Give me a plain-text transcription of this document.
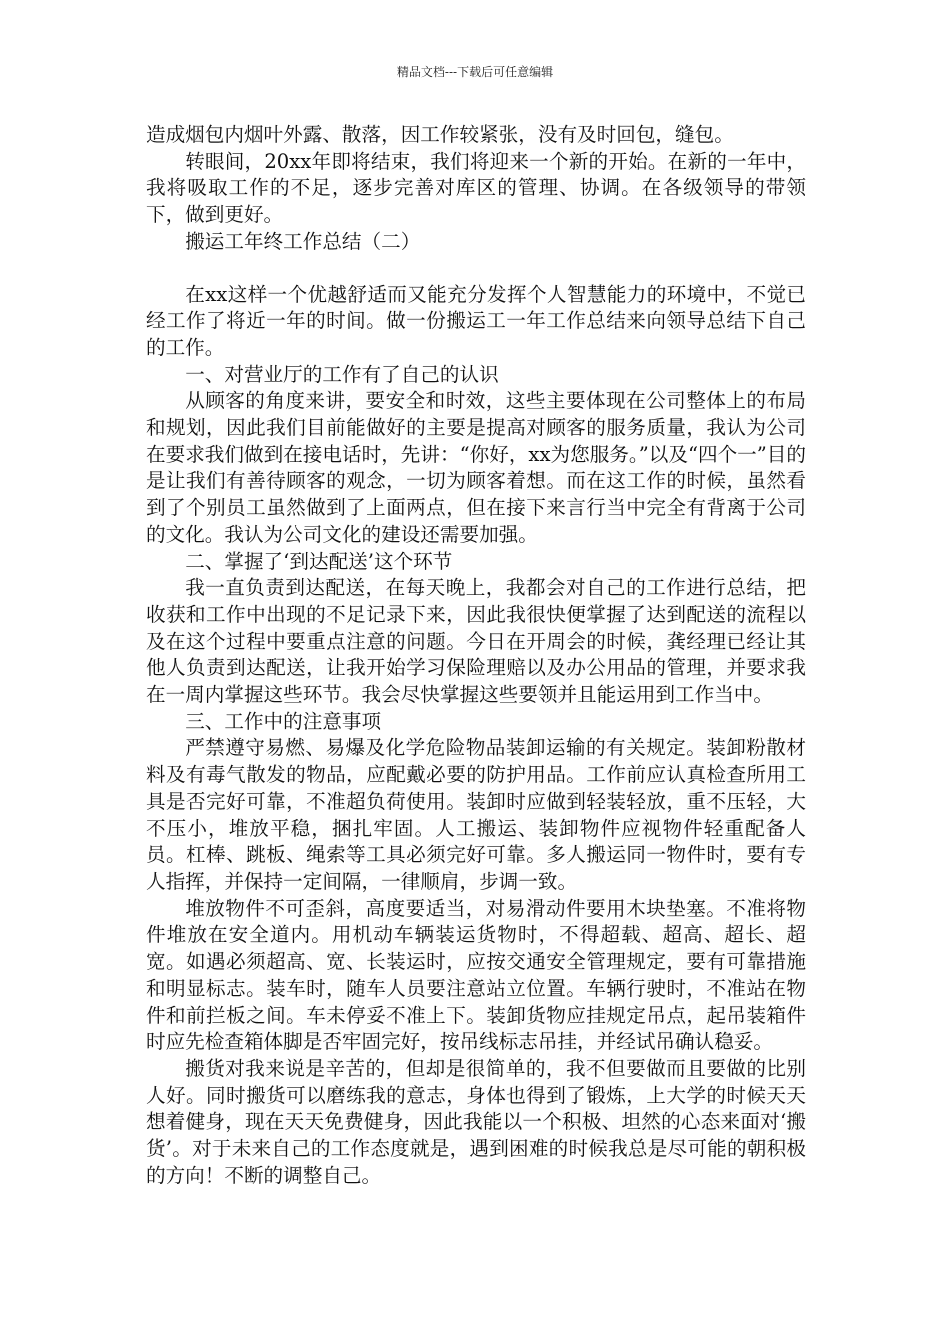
精品文档---下载后可任意编辑

造成烟包内烟叶外露、散落，因工作较紧张，没有及时回包，缝包。

转眼间，20xx年即将结束，我们将迎来一个新的开始。在新的一年中，我将吸取工作的不足，逐步完善对库区的管理、协调。在各级领导的带领下，做到更好。

搬运工年终工作总结（二）

在xx这样一个优越舒适而又能充分发挥个人智慧能力的环境中，不觉已经工作了将近一年的时间。做一份搬运工一年工作总结来向领导总结下自己的工作。

一、对营业厅的工作有了自己的认识

从顾客的角度来讲，要安全和时效，这些主要体现在公司整体上的布局和规划，因此我们目前能做好的主要是提高对顾客的服务质量，我认为公司在要求我们做到在接电话时，先讲：“你好，xx为您服务。”以及“四个一”目的是让我们有善待顾客的观念，一切为顾客着想。而在这工作的时候，虽然看到了个别员工虽然做到了上面两点，但在接下来言行当中完全有背离于公司的文化。我认为公司文化的建设还需要加强。

二、掌握了‘到达配送’这个环节

我一直负责到达配送，在每天晚上，我都会对自己的工作进行总结，把收获和工作中出现的不足记录下来，因此我很快便掌握了达到配送的流程以及在这个过程中要重点注意的问题。今日在开周会的时候，龚经理已经让其他人负责到达配送，让我开始学习保险理赔以及办公用品的管理，并要求我在一周内掌握这些环节。我会尽快掌握这些要领并且能运用到工作当中。

三、工作中的注意事项

严禁遵守易燃、易爆及化学危险物品装卸运输的有关规定。装卸粉散材料及有毒气散发的物品，应配戴必要的防护用品。工作前应认真检查所用工具是否完好可靠，不准超负荷使用。装卸时应做到轻装轻放，重不压轻，大不压小，堆放平稳，捆扎牢固。人工搬运、装卸物件应视物件轻重配备人员。杠棒、跳板、绳索等工具必须完好可靠。多人搬运同一物件时，要有专人指挥，并保持一定间隔，一律顺肩，步调一致。

堆放物件不可歪斜，高度要适当，对易滑动件要用木块垫塞。不准将物件堆放在安全道内。用机动车辆装运货物时，不得超载、超高、超长、超宽。如遇必须超高、宽、长装运时，应按交通安全管理规定，要有可靠措施和明显标志。装车时，随车人员要注意站立位置。车辆行驶时，不准站在物件和前拦板之间。车未停妥不准上下。装卸货物应挂规定吊点，起吊装箱件时应先检查箱体脚是否牢固完好，按吊线标志吊挂，并经试吊确认稳妥。

搬货对我来说是辛苦的，但却是很简单的，我不但要做而且要做的比别人好。同时搬货可以磨练我的意志，身体也得到了锻炼，上大学的时候天天想着健身，现在天天免费健身，因此我能以一个积极、坦然的心态来面对‘搬货’。对于未来自己的工作态度就是，遇到困难的时候我总是尽可能的朝积极的方向！不断的调整自己。
